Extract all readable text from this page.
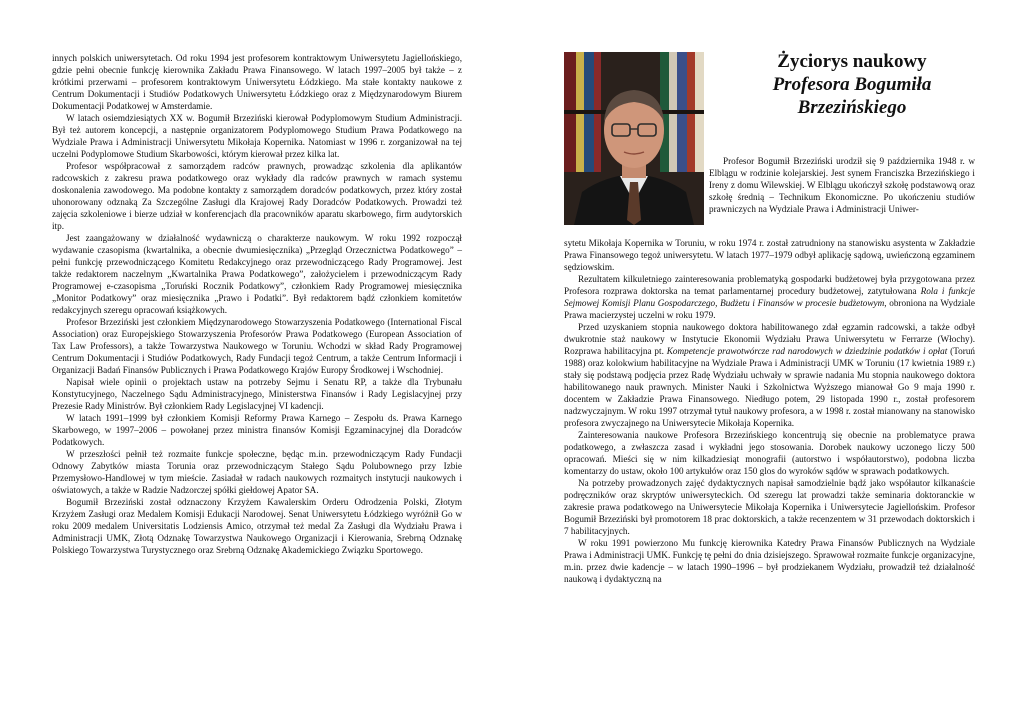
innych polskich uniwersytetach. Od roku 1994 jest profesorem kontraktowym Uniwersytetu Jagiellońskiego, gdzie pełni obecnie funkcję kierownika Zakładu Prawa Finansowego. W latach 1997–2005 był także – z krótkimi przerwami – profesorem kontraktowym Uniwersytetu Łódzkiego. Ma stałe kontakty naukowe z Centrum Dokumentacji i Studiów Podatkowych Uniwersytetu Łódzkiego oraz z Międzynarodowym Biurem Dokumentacji Podatkowej w Amsterdamie.

W latach osiemdziesiątych XX w. Bogumił Brzeziński kierował Podyplomowym Studium Administracji. Był też autorem koncepcji, a następnie organizatorem Podyplomowego Studium Prawa Podatkowego na Wydziale Prawa i Administracji Uniwersytetu Mikołaja Kopernika. Natomiast w 1996 r. zorganizował na tej uczelni Podyplomowe Studium Skarbowości, którym kierował przez kilka lat.

Profesor współpracował z samorządem radców prawnych, prowadząc szkolenia dla aplikantów radcowskich z zakresu prawa podatkowego oraz wykłady dla radców prawnych w ramach systemu doskonalenia zawodowego. Ma podobne kontakty z samorządem doradców podatkowych, przez który został uhonorowany odznaką Za Szczególne Zasługi dla Krajowej Rady Doradców Podatkowych. Prowadzi też zajęcia szkoleniowe i bierze udział w konferencjach dla pracowników aparatu skarbowego, firm audytorskich itp.

Jest zaangażowany w działalność wydawniczą o charakterze naukowym. W roku 1992 rozpoczął wydawanie czasopisma (kwartalnika, a obecnie dwumiesięcznika) „Przegląd Orzecznictwa Podatkowego” – pełni funkcję przewodniczącego Komitetu Redakcyjnego oraz przewodniczącego Rady Programowej. Jest także redaktorem naczelnym „Kwartalnika Prawa Podatkowego”, założycielem i przewodniczącym Rady Programowej e-czasopisma „Toruński Rocznik Podatkowy”, członkiem Rady Programowej miesięcznika „Monitor Podatkowy” oraz miesięcznika „Prawo i Podatki”. Był redaktorem bądź członkiem komitetów redakcyjnych szeregu opracowań książkowych.

Profesor Brzeziński jest członkiem Międzynarodowego Stowarzyszenia Podatkowego (International Fiscal Association) oraz Europejskiego Stowarzyszenia Profesorów Prawa Podatkowego (European Association of Tax Law Professors), a także Towarzystwa Naukowego w Toruniu. Wchodzi w skład Rady Programowej Centrum Dokumentacji i Studiów Podatkowych, Rady Fundacji tegoż Centrum, a także Centrum Informacji i Organizacji Badań Finansów Publicznych i Prawa Podatkowego Krajów Europy Środkowej i Wschodniej.

Napisał wiele opinii o projektach ustaw na potrzeby Sejmu i Senatu RP, a także dla Trybunału Konstytucyjnego, Naczelnego Sądu Administracyjnego, Ministerstwa Finansów i Rady Legislacyjnej przy Prezesie Rady Ministrów. Był członkiem Rady Legislacyjnej VI kadencji.

W latach 1991–1999 był członkiem Komisji Reformy Prawa Karnego – Zespołu ds. Prawa Karnego Skarbowego, w 1997–2006 – powołanej przez ministra finansów Komisji Egzaminacyjnej dla Doradców Podatkowych.

W przeszłości pełnił też rozmaite funkcje społeczne, będąc m.in. przewodniczącym Rady Fundacji Odnowy Zabytków miasta Torunia oraz przewodniczącym Stałego Sądu Polubownego przy Izbie Przemysłowo-Handlowej w tym mieście. Zasiadał w radach naukowych rozmaitych instytucji naukowych i oświatowych, a także w Radzie Nadzorczej spółki giełdowej Apator SA.

Bogumił Brzeziński został odznaczony Krzyżem Kawalerskim Orderu Odrodzenia Polski, Złotym Krzyżem Zasługi oraz Medalem Komisji Edukacji Narodowej. Senat Uniwersytetu Łódzkiego wyróżnił Go w roku 2009 medalem Universitatis Lodziensis Amico, otrzymał też medal Za Zasługi dla Wydziału Prawa i Administracji UMK, Złotą Odznakę Towarzystwa Naukowego Organizacji i Kierowania, Srebrną Odznakę Polskiego Towarzystwa Turystycznego oraz Srebrną Odznakę Akademickiego Związku Sportowego.

Życiorys naukowy
Profesora Bogumiła
Brzezińskiego

Profesor Bogumił Brzeziński urodził się 9 października 1948 r. w Elblągu w rodzinie kolejarskiej. Jest synem Franciszka Brzezińskiego i Ireny z domu Wilewskiej. W Elblągu ukończył szkołę podstawową oraz szkołę średnią – Technikum Ekonomiczne. Po ukończeniu studiów prawniczych na Wydziale Prawa i Administracji Uniwer-

sytetu Mikołaja Kopernika w Toruniu, w roku 1974 r. został zatrudniony na stanowisku asystenta w Zakładzie Prawa Finansowego tegoż uniwersytetu. W latach 1977–1979 odbył aplikację sądową, uwieńczoną egzaminem sędziowskim.

Rezultatem kilkuletniego zainteresowania problematyką gospodarki budżetowej była przygotowana przez Profesora rozprawa doktorska na temat parlamentarnej procedury budżetowej, zatytułowana Rola i funkcje Sejmowej Komisji Planu Gospodarczego, Budżetu i Finansów w procesie budżetowym, obroniona na Wydziale Prawa macierzystej uczelni w roku 1979.

Przed uzyskaniem stopnia naukowego doktora habilitowanego zdał egzamin radcowski, a także odbył dwukrotnie staż naukowy w Instytucie Ekonomii Wydziału Prawa Uniwersytetu w Ferrarze (Włochy). Rozprawa habilitacyjna pt. Kompetencje prawotwórcze rad narodowych w dziedzinie podatków i opłat (Toruń 1988) oraz kolokwium habilitacyjne na Wydziale Prawa i Administracji UMK w Toruniu (17 kwietnia 1989 r.) stały się podstawą podjęcia przez Radę Wydziału uchwały w sprawie nadania Mu stopnia naukowego doktora habilitowanego nauk prawnych. Minister Nauki i Szkolnictwa Wyższego mianował Go 9 maja 1990 r. docentem w Zakładzie Prawa Finansowego. Niedługo potem, 29 listopada 1990 r., został profesorem nadzwyczajnym. W roku 1997 otrzymał tytuł naukowy profesora, a w 1998 r. został mianowany na stanowisko profesora zwyczajnego na Uniwersytecie Mikołaja Kopernika.

Zainteresowania naukowe Profesora Brzezińskiego koncentrują się obecnie na problematyce prawa podatkowego, a zwłaszcza zasad i wykładni jego stosowania. Dorobek naukowy uczonego liczy 500 opracowań. Mieści się w nim kilkadziesiąt monografii (autorstwo i współautorstwo), podobna liczba komentarzy do ustaw, około 100 artykułów oraz 150 glos do wyroków sądów w sprawach podatkowych.

Na potrzeby prowadzonych zajęć dydaktycznych napisał samodzielnie bądź jako współautor kilkanaście podręczników oraz skryptów uniwersyteckich. Od szeregu lat prowadzi także seminaria doktoranckie w zakresie prawa podatkowego na Uniwersytecie Mikołaja Kopernika i Uniwersytecie Jagiellońskim. Profesor Bogumił Brzeziński był promotorem 18 prac doktorskich, a także recenzentem w 31 przewodach doktorskich i 7 habilitacyjnych.

W roku 1991 powierzono Mu funkcję kierownika Katedry Prawa Finansów Publicznych na Wydziale Prawa i Administracji UMK. Funkcję tę pełni do dnia dzisiejszego. Sprawował rozmaite funkcje organizacyjne, m.in. przez dwie kadencje – w latach 1990–1996 – był prodziekanem Wydziału, prowadził też działalność naukową i dydaktyczną na
